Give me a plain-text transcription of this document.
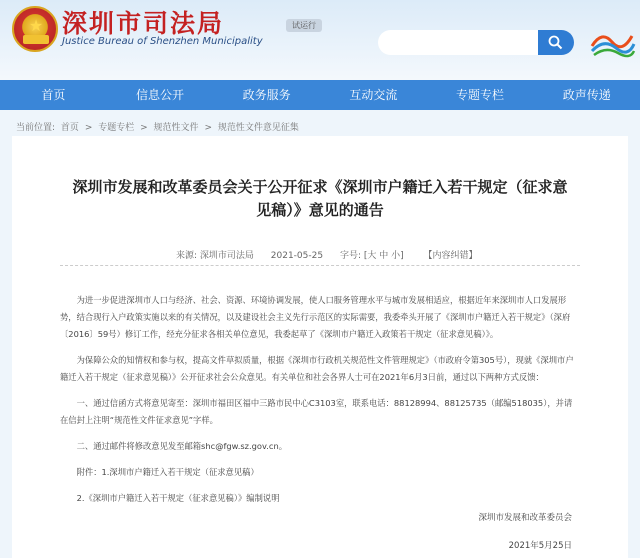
★ 深圳市司法局
Justice Bureau of Shenzhen Municipality
试运行
首页	信息公开	政务服务	互动交流	专题专栏	政声传递
当前位置: 首页 > 专题专栏 > 规范性文件 > 规范性文件意见征集
深圳市发展和改革委员会关于公开征求《深圳市户籍迁入若干规定（征求意见稿）》意见的通告
来源: 深圳市司法局 2021-05-25 字号: [大 中 小] 【内容纠错】
为进一步促进深圳市人口与经济、社会、资源、环境协调发展，使人口服务管理水平与城市发展相适应，根据近年来深圳市人口发展形势，结合现行入户政策实施以来的有关情况，以及建设社会主义先行示范区的实际需要，我委牵头开展了《深圳市户籍迁入若干规定》（深府〔2016〕59号）修订工作，经充分征求各相关单位意见，我委起草了《深圳市户籍迁入政策若干规定（征求意见稿）》。
为保障公众的知情权和参与权，提高文件草拟质量，根据《深圳市行政机关规范性文件管理规定》（市政府令第305号），现就《深圳市户籍迁入若干规定（征求意见稿）》公开征求社会公众意见。有关单位和社会各界人士可在2021年6月3日前，通过以下两种方式反馈：
一、通过信函方式将意见寄至：深圳市福田区福中三路市民中心C3103室，联系电话：88128994、88125735（邮编518035），并请在信封上注明“规范性文件征求意见”字样。
二、通过邮件将修改意见发至邮箱shc@fgw.sz.gov.cn。
附件：1.深圳市户籍迁入若干规定（征求意见稿）
2.《深圳市户籍迁入若干规定（征求意见稿）》编制说明
深圳市发展和改革委员会
2021年5月25日
